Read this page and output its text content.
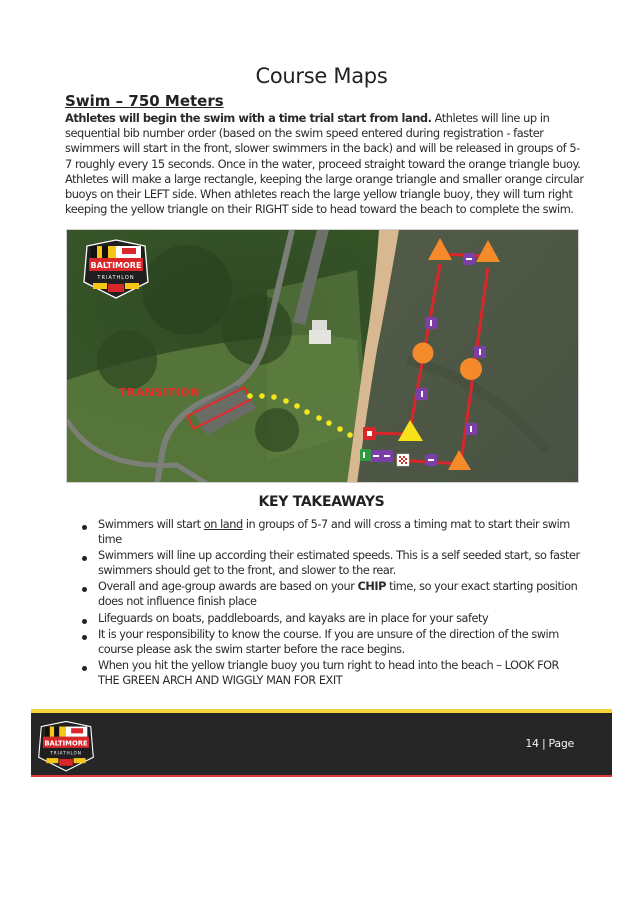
Course Maps
Swim – 750 Meters
Athletes will begin the swim with a time trial start from land. Athletes will line up in sequential bib number order (based on the swim speed entered during registration - faster swimmers will start in the front, slower swimmers in the back) and will be released in groups of 5-7 roughly every 15 seconds. Once in the water, proceed straight toward the orange triangle buoy. Athletes will make a large rectangle, keeping the large orange triangle and smaller orange circular buoys on their LEFT side. When athletes reach the large yellow triangle buoy, they will turn right keeping the yellow triangle on their RIGHT side to head toward the beach to complete the swim.
TRANSITION
BALTIMORE
TRIATHLON
KEY TAKEAWAYS
Swimmers will start on land in groups of 5-7 and will cross a timing mat to start their swim time
Swimmers will line up according their estimated speeds. This is a self seeded start, so faster swimmers should get to the front, and slower to the rear.
Overall and age-group awards are based on your CHIP time, so your exact starting position does not influence finish place
Lifeguards on boats, paddleboards, and kayaks are in place for your safety
It is your responsibility to know the course. If you are unsure of the direction of the swim course please ask the swim starter before the race begins.
When you hit the yellow triangle buoy you turn right to head into the beach – LOOK FOR THE GREEN ARCH AND WIGGLY MAN FOR EXIT
BALTIMORE
TRIATHLON
14 | Page
